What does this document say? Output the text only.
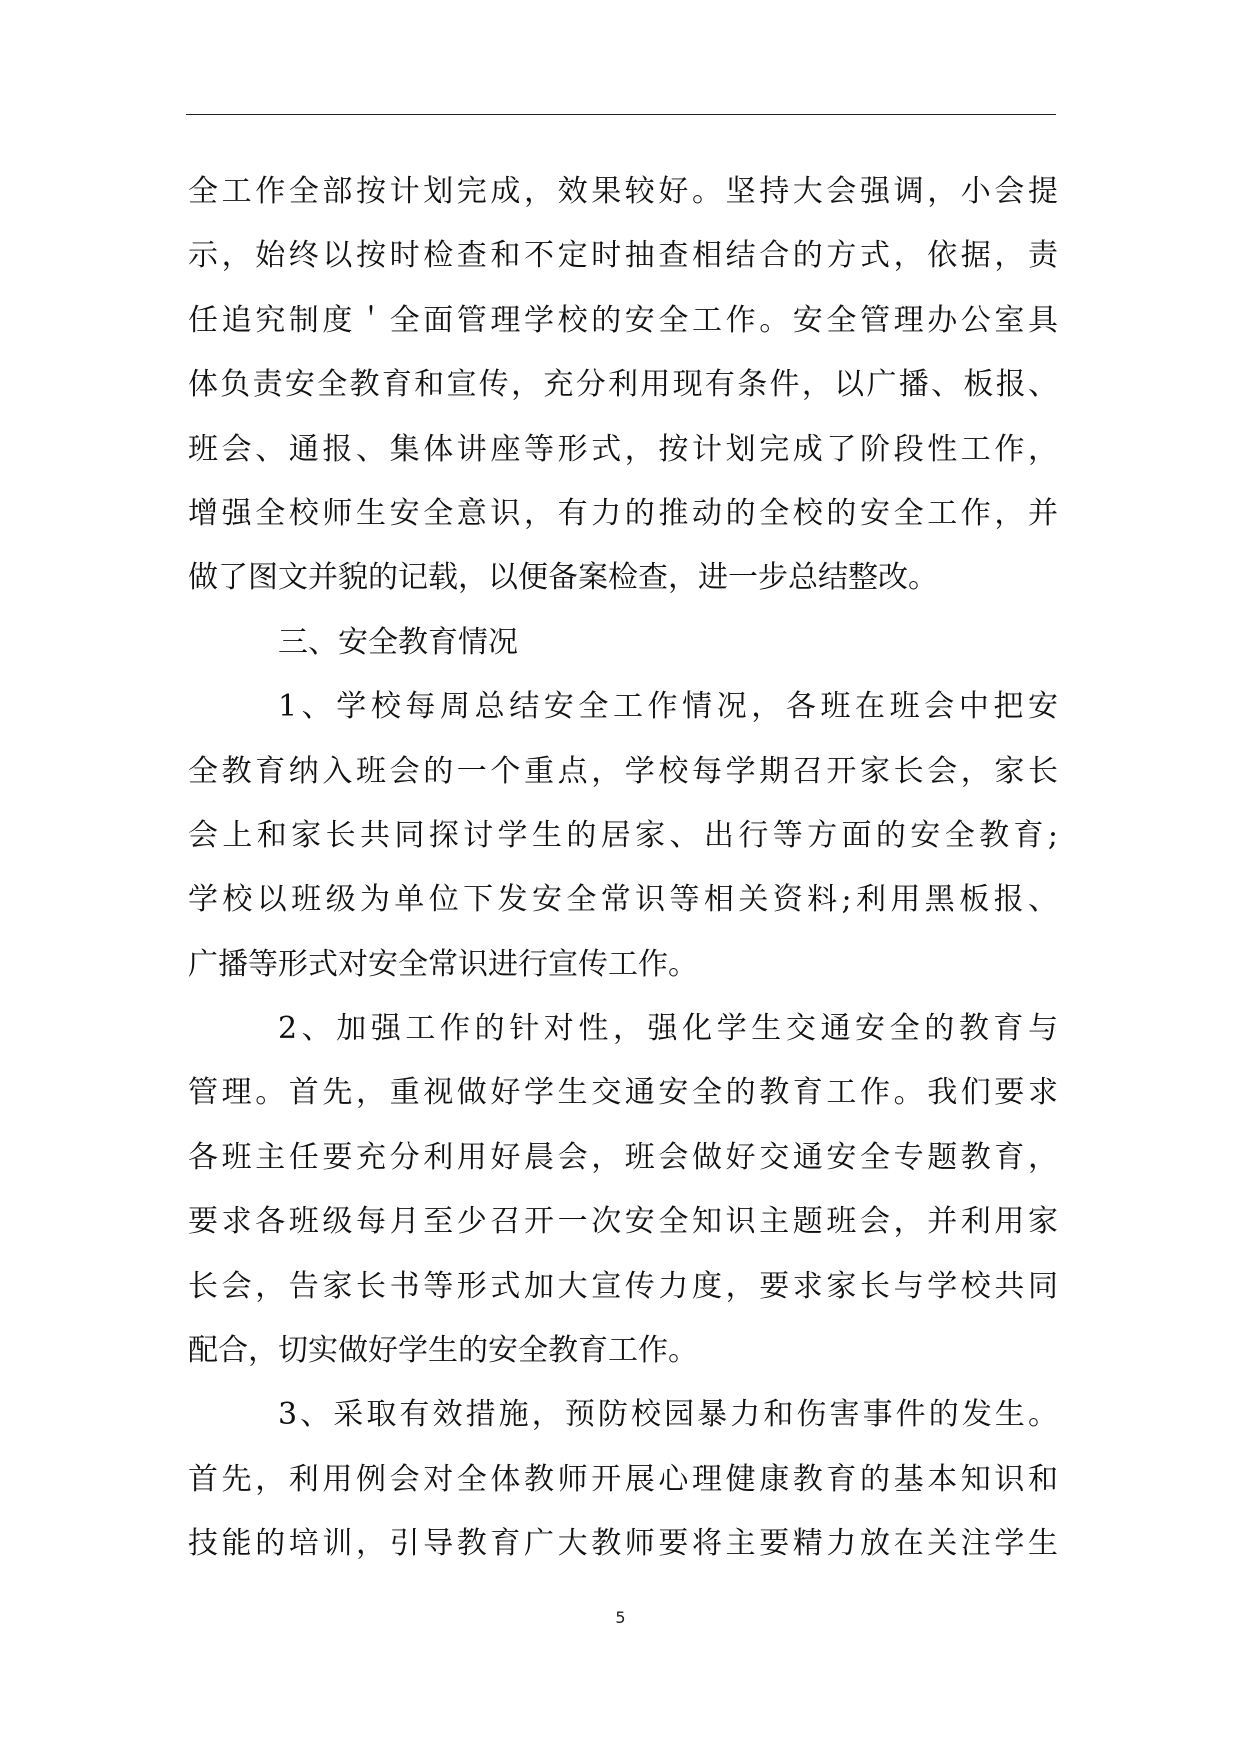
全工作全部按计划完成，效果较好。坚持大会强调，小会提
示，始终以按时检查和不定时抽查相结合的方式，依据，责
任追究制度＇全面管理学校的安全工作。安全管理办公室具
体负责安全教育和宣传，充分利用现有条件，以广播、板报、
班会、通报、集体讲座等形式，按计划完成了阶段性工作，
增强全校师生安全意识，有力的推动的全校的安全工作，并
做了图文并貌的记载，以便备案检查，进一步总结整改。
三、安全教育情况
1、学校每周总结安全工作情况，各班在班会中把安
全教育纳入班会的一个重点，学校每学期召开家长会，家长
会上和家长共同探讨学生的居家、出行等方面的安全教育;
学校以班级为单位下发安全常识等相关资料;利用黑板报、
广播等形式对安全常识进行宣传工作。
2、加强工作的针对性，强化学生交通安全的教育与
管理。首先，重视做好学生交通安全的教育工作。我们要求
各班主任要充分利用好晨会，班会做好交通安全专题教育，
要求各班级每月至少召开一次安全知识主题班会，并利用家
长会，告家长书等形式加大宣传力度，要求家长与学校共同
配合，切实做好学生的安全教育工作。
3、采取有效措施，预防校园暴力和伤害事件的发生。
首先，利用例会对全体教师开展心理健康教育的基本知识和
技能的培训，引导教育广大教师要将主要精力放在关注学生
5
